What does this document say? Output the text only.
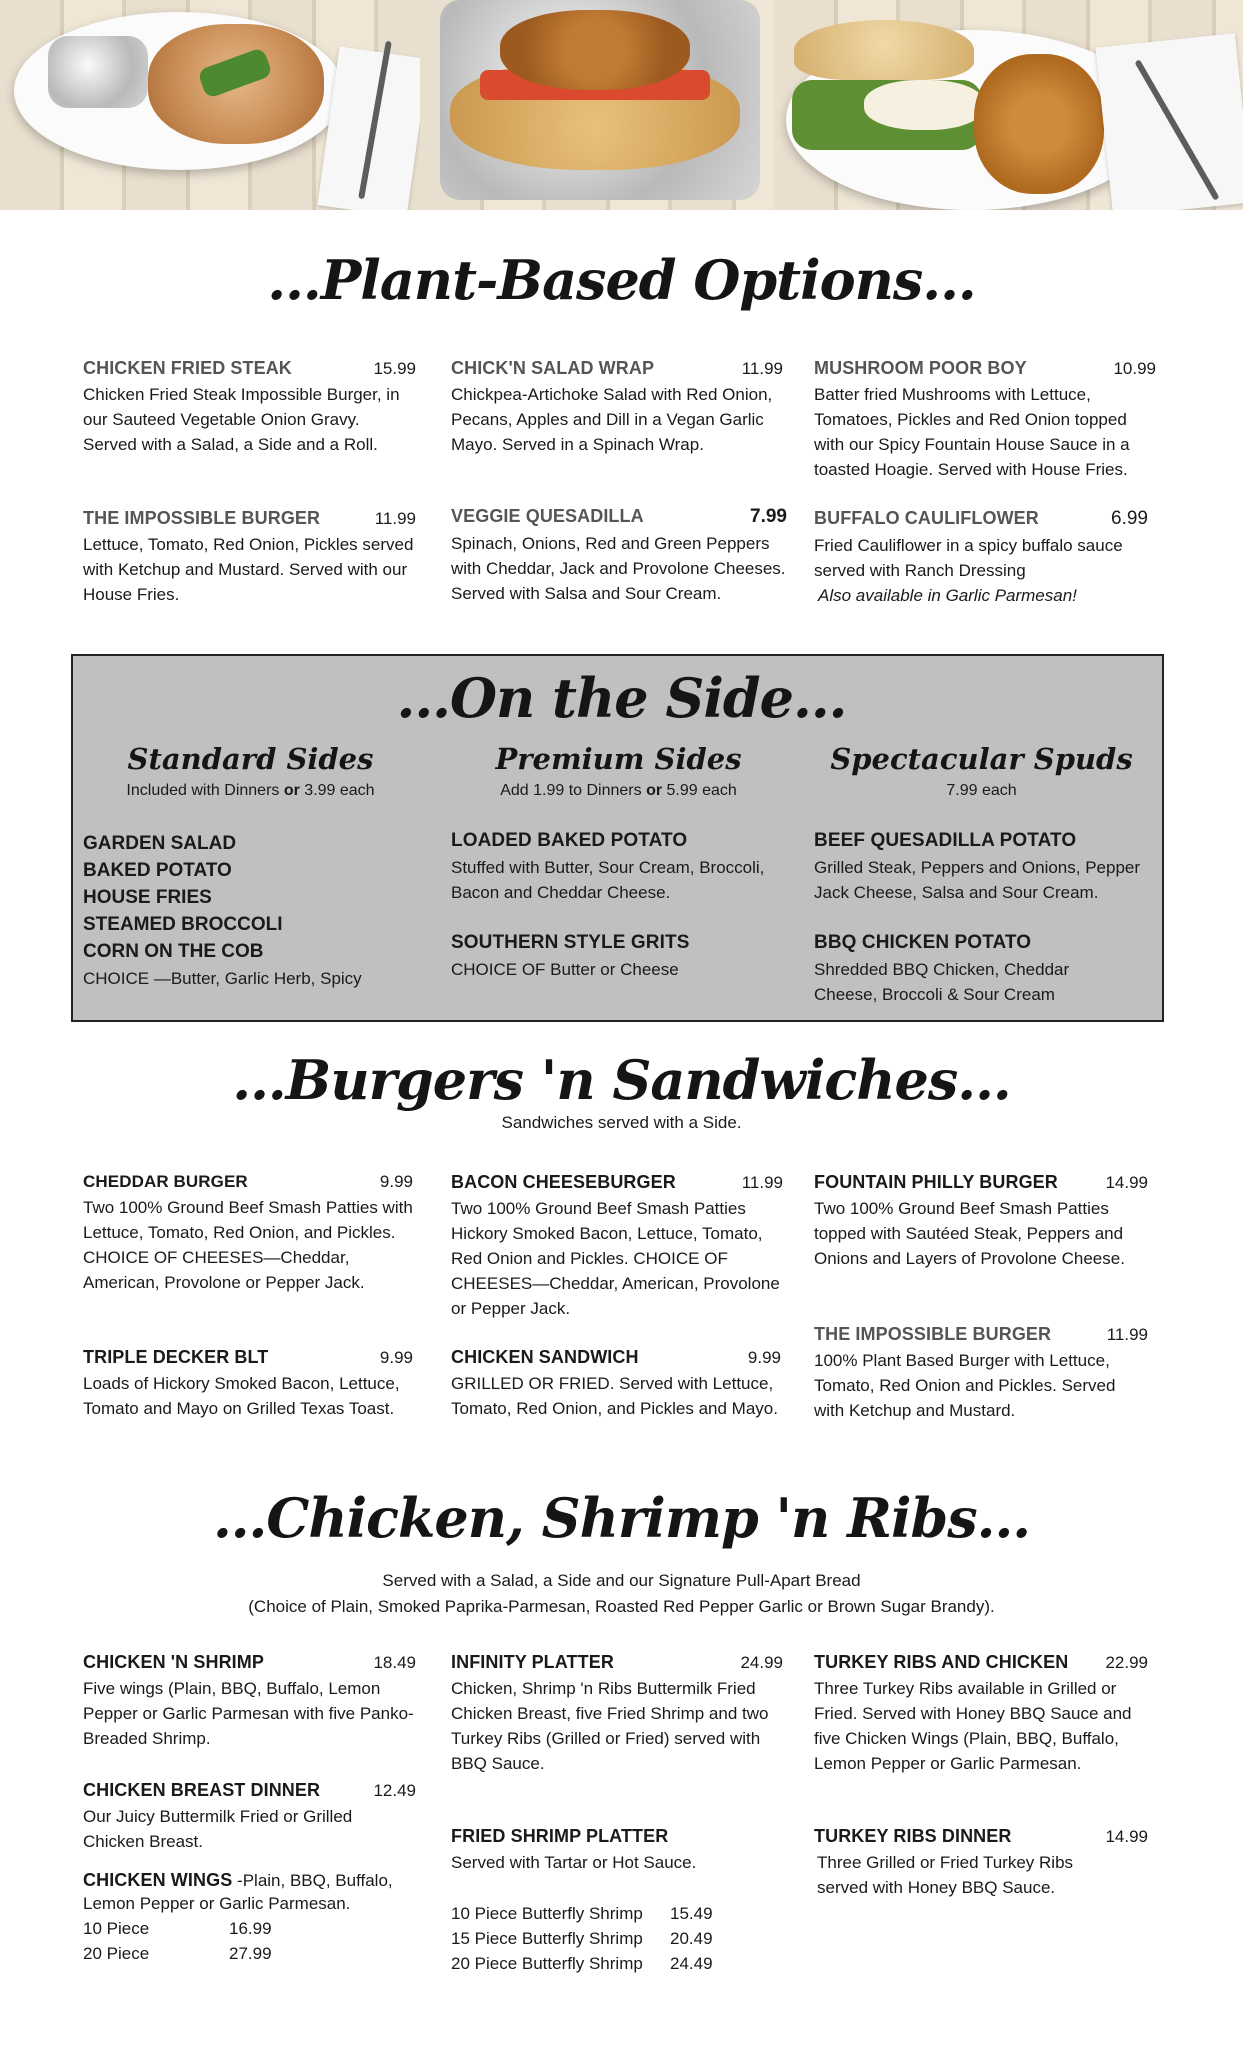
...Plant-Based Options...
CHICKEN FRIED STEAK	15.99
Chicken Fried Steak Impossible Burger, in our Sauteed Vegetable Onion Gravy. Served with a Salad, a Side and a Roll.
CHICK'N SALAD WRAP	11.99
Chickpea-Artichoke Salad with Red Onion, Pecans, Apples and Dill in a Vegan Garlic Mayo. Served in a Spinach Wrap.
MUSHROOM POOR BOY	10.99
Batter fried Mushrooms with Lettuce, Tomatoes, Pickles and Red Onion topped with our Spicy Fountain House Sauce in a toasted Hoagie. Served with House Fries.
THE IMPOSSIBLE BURGER	11.99
Lettuce, Tomato, Red Onion, Pickles served with Ketchup and Mustard. Served with our House Fries.
VEGGIE QUESADILLA	7.99
Spinach, Onions, Red and Green Peppers with Cheddar, Jack and Provolone Cheeses. Served with Salsa and Sour Cream.
BUFFALO CAULIFLOWER	6.99
Fried Cauliflower in a spicy buffalo sauce served with Ranch Dressing
Also available in Garlic Parmesan!
...On the Side...
Standard Sides
Included with Dinners or 3.99 each
Premium Sides
Add 1.99 to Dinners or 5.99 each
Spectacular Spuds
7.99 each
GARDEN SALAD
BAKED POTATO
HOUSE FRIES
STEAMED BROCCOLI
CORN ON THE COB
CHOICE —Butter, Garlic Herb, Spicy
LOADED BAKED POTATO
Stuffed with Butter, Sour Cream, Broccoli, Bacon and Cheddar Cheese.
SOUTHERN STYLE GRITS
CHOICE OF Butter or Cheese
BEEF QUESADILLA POTATO
Grilled Steak, Peppers and Onions, Pepper Jack Cheese, Salsa and Sour Cream.
BBQ CHICKEN POTATO
Shredded BBQ Chicken, Cheddar Cheese, Broccoli & Sour Cream
...Burgers 'n Sandwiches...
Sandwiches served with a Side.
CHEDDAR BURGER	9.99
Two 100% Ground Beef Smash Patties with Lettuce, Tomato, Red Onion, and Pickles. CHOICE OF CHEESES—Cheddar, American, Provolone or Pepper Jack.
BACON CHEESEBURGER	11.99
Two 100% Ground Beef Smash Patties Hickory Smoked Bacon, Lettuce, Tomato, Red Onion and Pickles. CHOICE OF CHEESES—Cheddar, American, Provolone or Pepper Jack.
FOUNTAIN PHILLY BURGER	14.99
Two 100% Ground Beef Smash Patties topped with Sautéed Steak, Peppers and Onions and Layers of Provolone Cheese.
TRIPLE DECKER BLT	9.99
Loads of Hickory Smoked Bacon, Lettuce, Tomato and Mayo on Grilled Texas Toast.
CHICKEN SANDWICH	9.99
GRILLED OR FRIED. Served with Lettuce, Tomato, Red Onion, and Pickles and Mayo.
THE IMPOSSIBLE BURGER	11.99
100% Plant Based Burger with Lettuce, Tomato, Red Onion and Pickles. Served with Ketchup and Mustard.
...Chicken, Shrimp 'n Ribs...
Served with a Salad, a Side and our Signature Pull-Apart Bread
(Choice of Plain, Smoked Paprika-Parmesan, Roasted Red Pepper Garlic or Brown Sugar Brandy).
CHICKEN 'N SHRIMP	18.49
Five wings (Plain, BBQ, Buffalo, Lemon Pepper or Garlic Parmesan with five Panko-Breaded Shrimp.
CHICKEN BREAST DINNER	12.49
Our Juicy Buttermilk Fried or Grilled Chicken Breast.
CHICKEN WINGS -Plain, BBQ, Buffalo,
Lemon Pepper or Garlic Parmesan.
10 Piece	16.99
20 Piece	27.99
INFINITY PLATTER	24.99
Chicken, Shrimp 'n Ribs Buttermilk Fried Chicken Breast, five Fried Shrimp and two Turkey Ribs (Grilled or Fried) served with BBQ Sauce.
FRIED SHRIMP PLATTER
Served with Tartar or Hot Sauce.
10 Piece Butterfly Shrimp	15.49
15 Piece Butterfly Shrimp	20.49
20 Piece Butterfly Shrimp	24.49
TURKEY RIBS AND CHICKEN 22.99
Three Turkey Ribs available in Grilled or Fried. Served with Honey BBQ Sauce and five Chicken Wings (Plain, BBQ, Buffalo, Lemon Pepper or Garlic Parmesan.
TURKEY RIBS DINNER	14.99
Three Grilled or Fried Turkey Ribs served with Honey BBQ Sauce.
